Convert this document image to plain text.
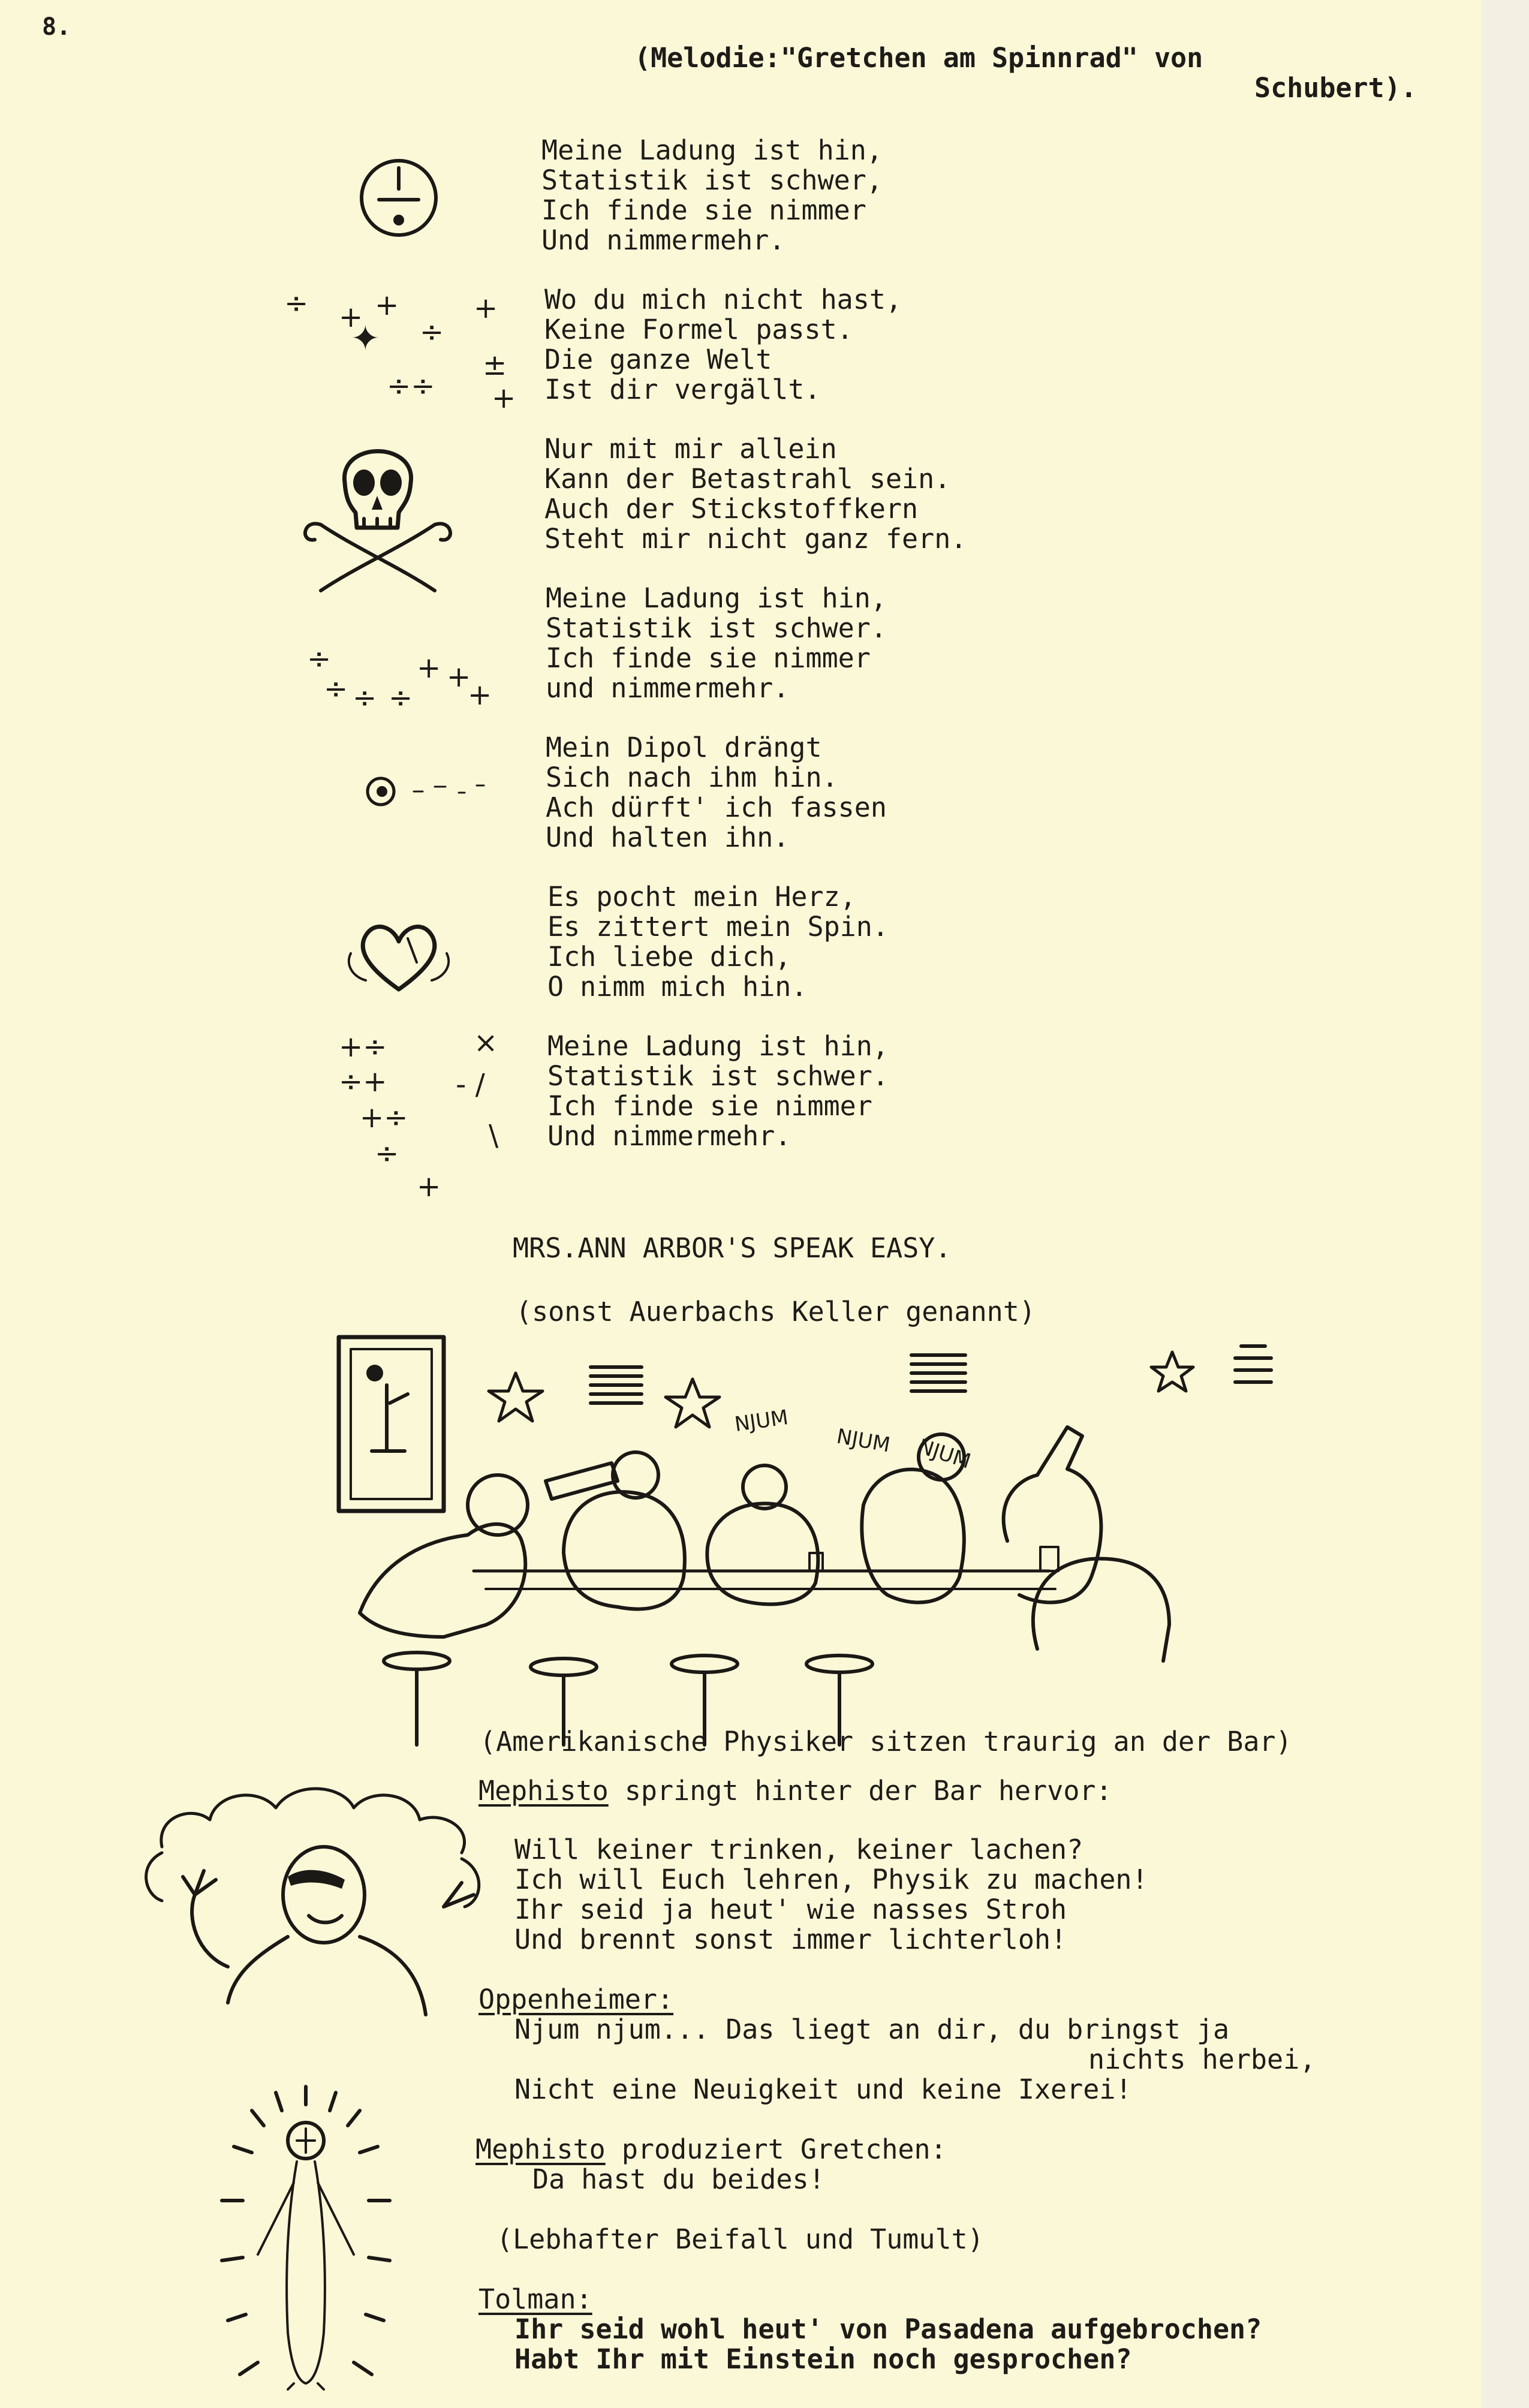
8.

(Melodie:"Gretchen am Spinnrad" von

Schubert).

Meine Ladung ist hin,

Statistik ist schwer,

Ich finde sie nimmer

Und nimmermehr.

Wo du mich nicht hast,

Keine Formel passt.

Die ganze Welt

Ist dir vergällt.

Nur mit mir allein

Kann der Betastrahl sein.

Auch der Stickstoffkern

Steht mir nicht ganz fern.

Meine Ladung ist hin,

Statistik ist schwer.

Ich finde sie nimmer

und nimmermehr.

Mein Dipol drängt

Sich nach ihm hin.

Ach dürft' ich fassen

Und halten ihn.

Es pocht mein Herz,

Es zittert mein Spin.

Ich liebe dich,

O nimm mich hin.

Meine Ladung ist hin,

Statistik ist schwer.

Ich finde sie nimmer

Und nimmermehr.

÷ + +
✦ ÷
+
±
÷÷ +
÷
÷ ÷ ÷
+ +
+
+÷
÷+
+÷
÷
+
×
- /
\

MRS.ANN ARBOR'S SPEAK EASY.

(sonst Auerbachs Keller genannt)

NJUM

NJUM NJUM

(Amerikanische Physiker sitzen traurig an der Bar)

Mephisto springt hinter der Bar hervor:

Will keiner trinken, keiner lachen?

Ich will Euch lehren, Physik zu machen!

Ihr seid ja heut' wie nasses Stroh

Und brennt sonst immer lichterloh!

Oppenheimer:

Njum njum... Das liegt an dir, du bringst ja

nichts herbei,

Nicht eine Neuigkeit und keine Ixerei!

Mephisto produziert Gretchen:

Da hast du beides!

(Lebhafter Beifall und Tumult)

Tolman:

Ihr seid wohl heut' von Pasadena aufgebrochen?

Habt Ihr mit Einstein noch gesprochen?
